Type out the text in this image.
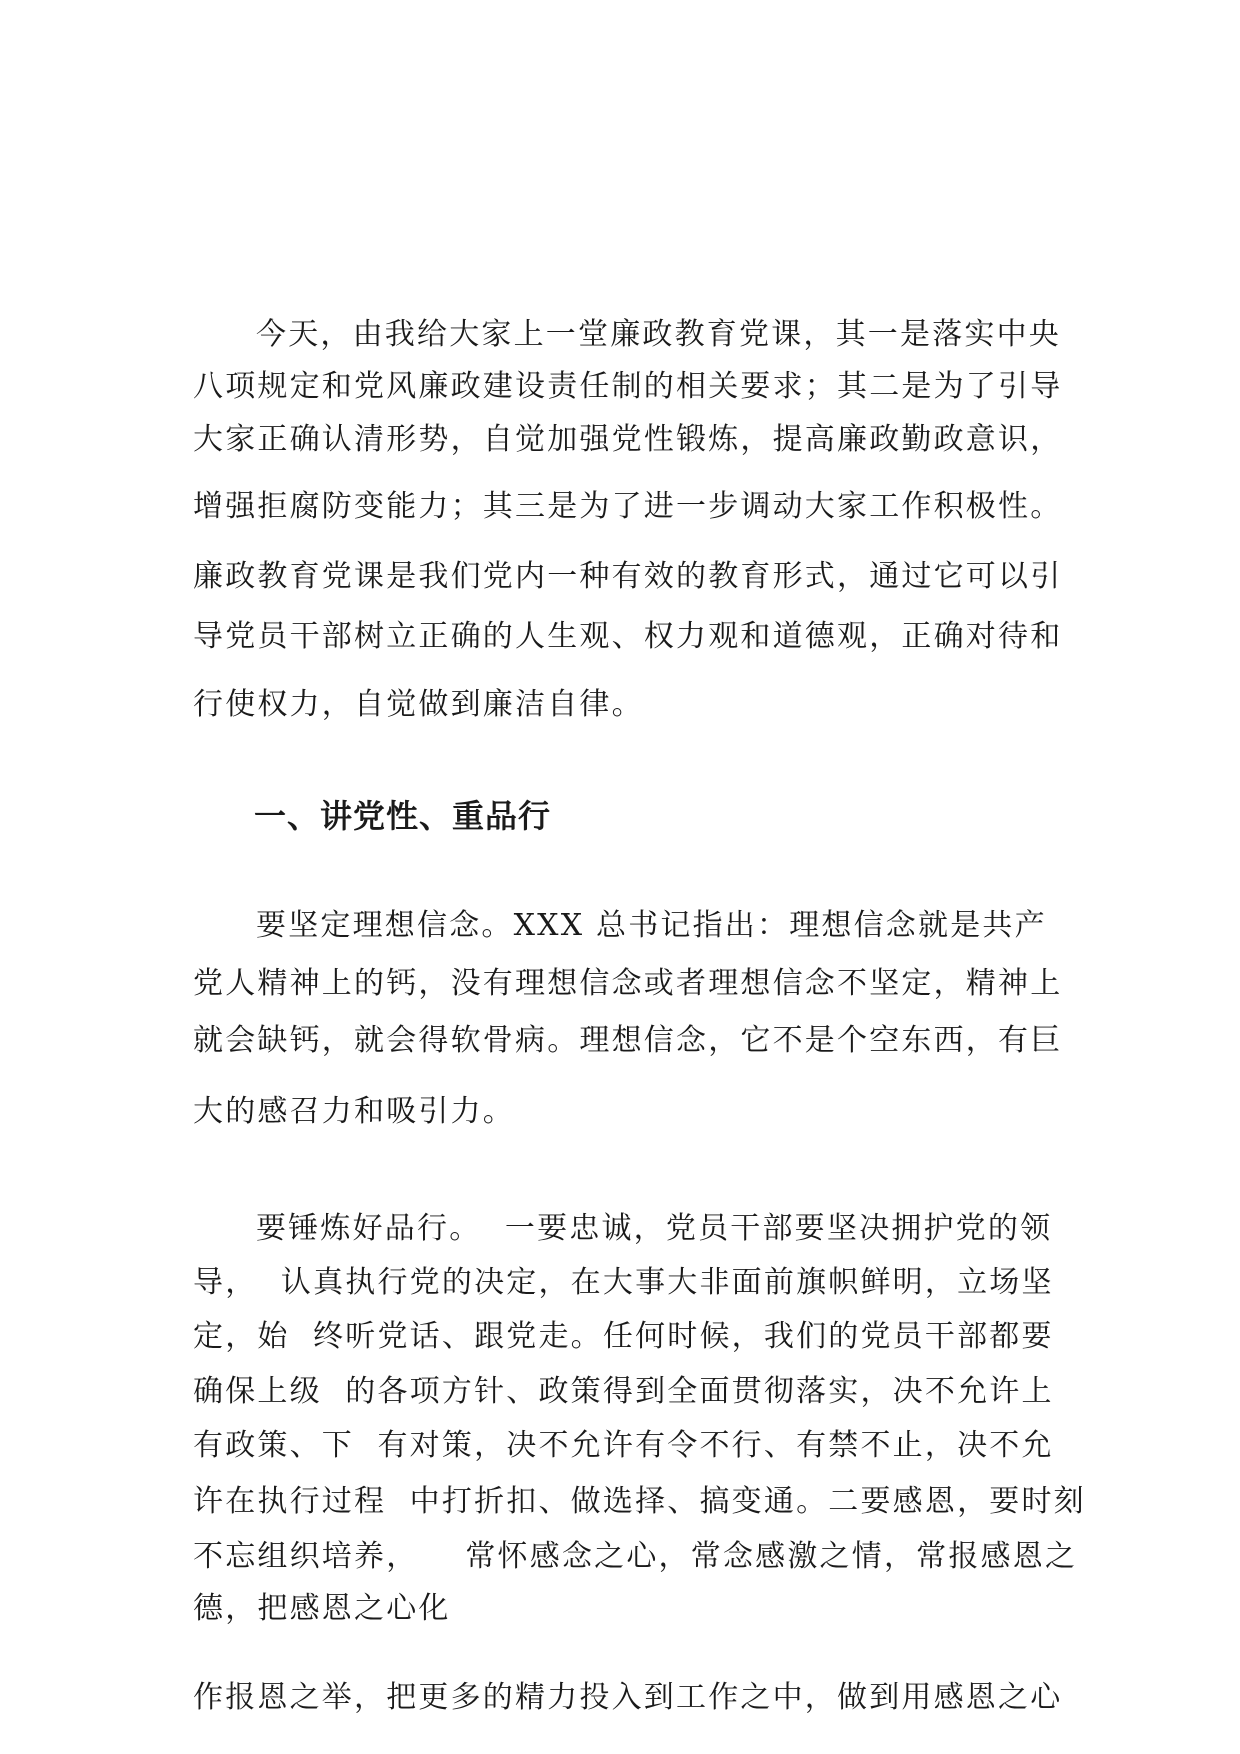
今天，由我给大家上一堂廉政教育党课，其一是落实中央
八项规定和党风廉政建设责任制的相关要求；其二是为了引导
大家正确认清形势，自觉加强党性锻炼，提高廉政勤政意识，
增强拒腐防变能力；其三是为了进一步调动大家工作积极性。
廉政教育党课是我们党内一种有效的教育形式，通过它可以引
导党员干部树立正确的人生观、权力观和道德观，正确对待和
行使权力，自觉做到廉洁自律。
一、讲党性、重品行
要坚定理想信念。XXX 总书记指出：理想信念就是共产
党人精神上的钙，没有理想信念或者理想信念不坚定，精神上
就会缺钙，就会得软骨病。理想信念，它不是个空东西，有巨
大的感召力和吸引力。
要锤炼好品行。  一要忠诚，党员干部要坚决拥护党的领
导，  认真执行党的决定，在大事大非面前旗帜鲜明，立场坚
定，始  终听党话、跟党走。任何时候，我们的党员干部都要
确保上级  的各项方针、政策得到全面贯彻落实，决不允许上
有政策、下  有对策，决不允许有令不行、有禁不止，决不允
许在执行过程  中打折扣、做选择、搞变通。二要感恩，要时刻
不忘组织培养，    常怀感念之心，常念感激之情，常报感恩之
德，把感恩之心化
作报恩之举，把更多的精力投入到工作之中，做到用感恩之心
